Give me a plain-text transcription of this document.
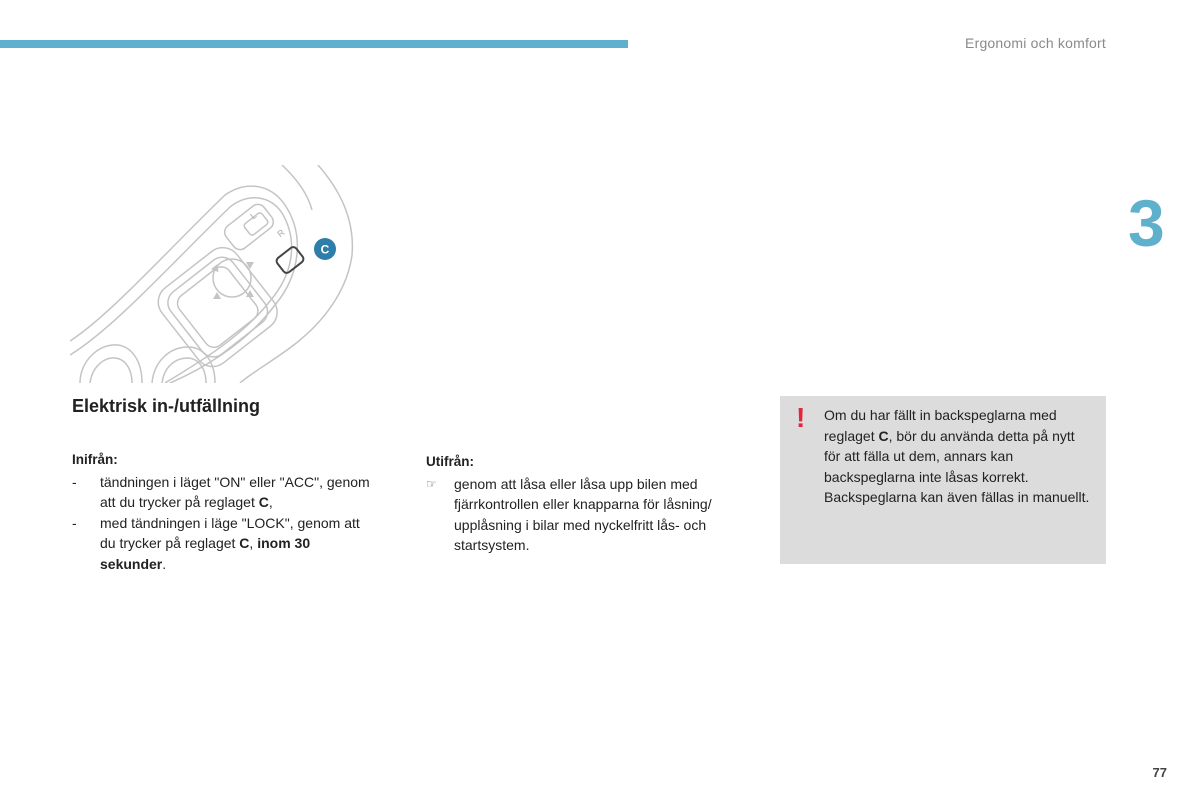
Ergonomi och komfort
3
L
R
C
Elektrisk in-/utfällning
Inifrån:
-	tändningen i läget "ON" eller "ACC", genom att du trycker på reglaget C,
-	med tändningen i läge "LOCK", genom att du trycker på reglaget C, inom 30 sekunder.
Utifrån:
☞	genom att låsa eller låsa upp bilen med fjärrkontrollen eller knapparna för låsning/ upplåsning i bilar med nyckelfritt lås- och startsystem.
! Om du har fällt in backspeglarna med reglaget C, bör du använda detta på nytt för att fälla ut dem, annars kan backspeglarna inte låsas korrekt. Backspeglarna kan även fällas in manuellt.
77
